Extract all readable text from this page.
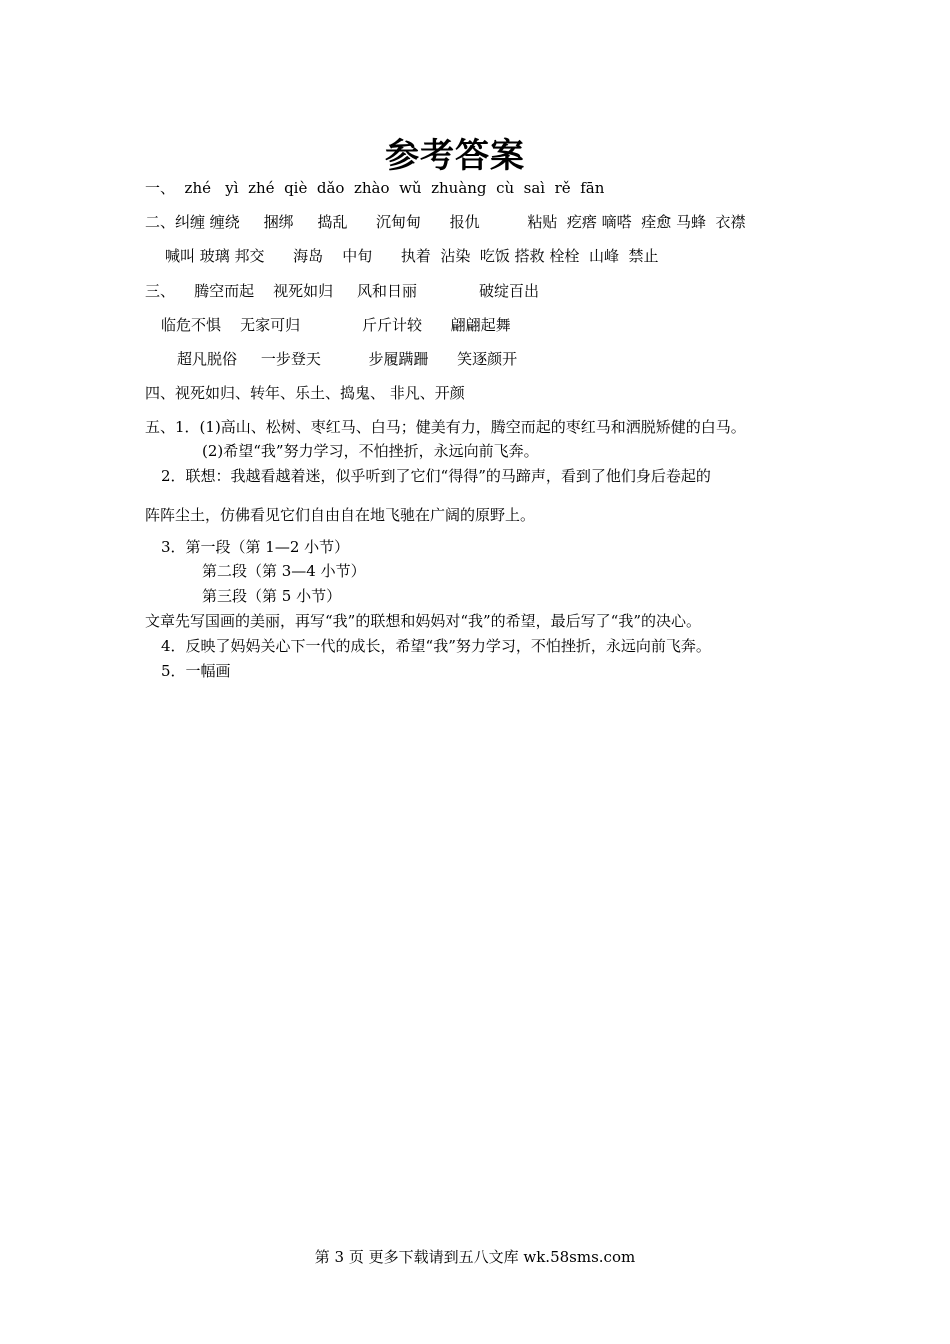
参考答案
一、  zhé   yì  zhé  qiè  dǎo  zhào  wǔ  zhuàng  cù  saì  rě  fān
二、纠缠 缠绕     捆绑     捣乱      沉甸甸      报仇          粘贴  疙瘩 嘀嗒  痊愈 马蜂  衣襟
喊叫 玻璃 邦交      海岛    中旬      执着  沾染  吃饭 搭救 栓栓  山峰  禁止
三、    腾空而起    视死如归     风和日丽             破绽百出
临危不惧    无家可归             斤斤计较      翩翩起舞
超凡脱俗     一步登天          步履蹒跚      笑逐颜开
四、视死如归、转年、乐土、捣鬼、 非凡、开颜
五、1．(1)高山、松树、枣红马、白马；健美有力，腾空而起的枣红马和洒脱矫健的白马。
(2)希望“我”努力学习，不怕挫折，永远向前飞奔。
2．联想：我越看越着迷，似乎听到了它们“得得”的马蹄声，看到了他们身后卷起的
阵阵尘土，仿佛看见它们自由自在地飞驰在广阔的原野上。
3．第一段（第 1—2 小节）
第二段（第 3—4 小节）
第三段（第 5 小节）
文章先写国画的美丽，再写“我”的联想和妈妈对“我”的希望，最后写了“我”的决心。
4．反映了妈妈关心下一代的成长，希望“我”努力学习，不怕挫折，永远向前飞奔。
5．一幅画
第 3 页 更多下载请到五八文库 wk.58sms.com
